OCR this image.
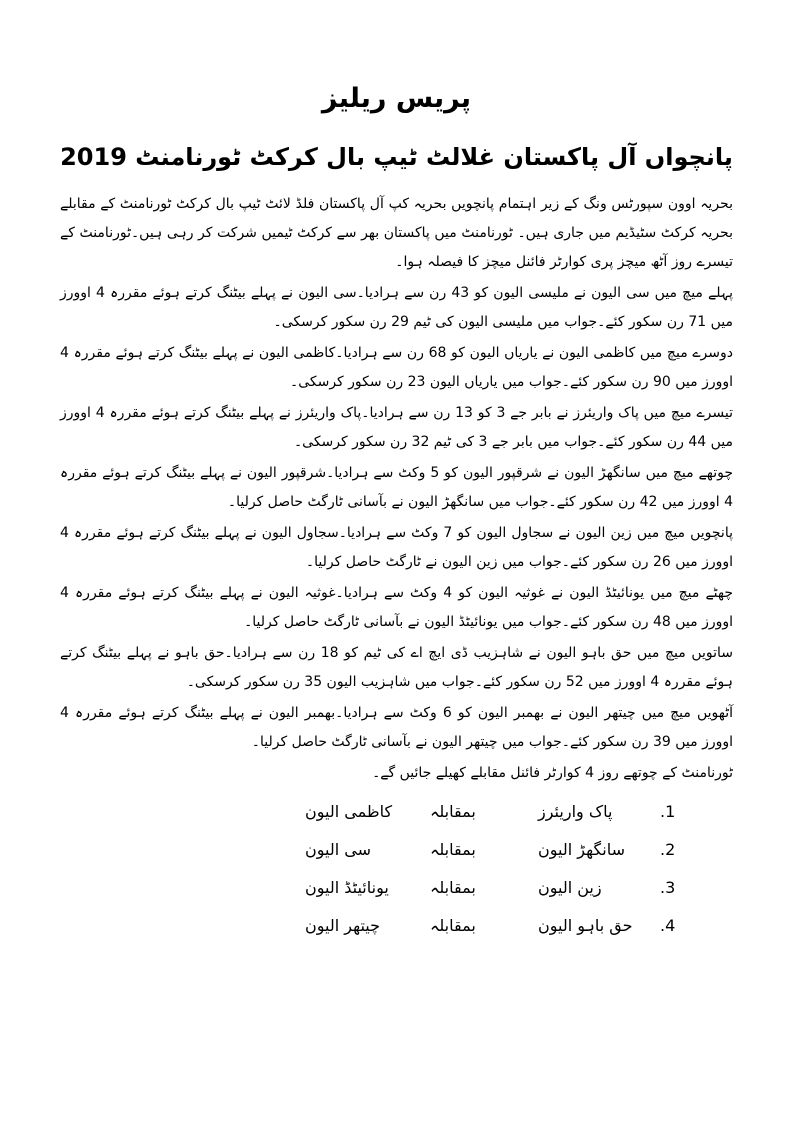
پریس ریلیز
پانچواں آل پاکستان غلالٹ ٹیپ بال کرکٹ ٹورنامنٹ 2019

بحریہ اوون سپورٹس ونگ کے زیر اہتمام پانچویں بحریہ کپ آل پاکستان فلڈ لائٹ ٹیپ بال کرکٹ ٹورنامنٹ کے مقابلے بحریہ کرکٹ سٹیڈیم میں جاری ہیں۔ ٹورنامنٹ میں پاکستان بھر سے کرکٹ ٹیمیں شرکت کر رہی ہیں۔ٹورنامنٹ کے تیسرے روز آٹھ میچز پری کوارٹر فائنل میچز کا فیصلہ ہوا۔

پہلے میچ میں سی الیون نے ملیسی الیون کو 43 رن سے ہرادیا۔سی الیون نے پہلے بیٹنگ کرتے ہوئے مقررہ 4 اوورز میں 71 رن سکور کئے۔جواب میں ملیسی الیون کی ٹیم 29 رن سکور کرسکی۔

دوسرے میچ میں کاظمی الیون نے یاریاں الیون کو 68 رن سے ہرادیا۔کاظمی الیون نے پہلے بیٹنگ کرتے ہوئے مقررہ 4 اوورز میں 90 رن سکور کئے۔جواب میں یاریاں الیون 23 رن سکور کرسکی۔

تیسرے میچ میں پاک واریئرز نے بابر جے 3 کو 13 رن سے ہرادیا۔پاک واریئرز نے پہلے بیٹنگ کرتے ہوئے مقررہ 4 اوورز میں 44 رن سکور کئے۔جواب میں بابر جے 3 کی ٹیم 32 رن سکور کرسکی۔

چوتھے میچ میں سانگھڑ الیون نے شرقپور الیون کو 5 وکٹ سے ہرادیا۔شرقپور الیون نے پہلے بیٹنگ کرتے ہوئے مقررہ 4 اوورز میں 42 رن سکور کئے۔جواب میں سانگھڑ الیون نے بآسانی ٹارگٹ حاصل کرلیا۔

پانچویں میچ میں زین الیون نے سجاول الیون کو 7 وکٹ سے ہرادیا۔سجاول الیون نے پہلے بیٹنگ کرتے ہوئے مقررہ 4 اوورز میں 26 رن سکور کئے۔جواب میں زین الیون نے ٹارگٹ حاصل کرلیا۔

چھٹے میچ میں یونائیٹڈ الیون نے غوثیہ الیون کو 4 وکٹ سے ہرادیا۔غوثیہ الیون نے پہلے بیٹنگ کرتے ہوئے مقررہ 4 اوورز میں 48 رن سکور کئے۔جواب میں یونائیٹڈ الیون نے بآسانی ٹارگٹ حاصل کرلیا۔

ساتویں میچ میں حق باہو الیون نے شاہزیب ڈی ایچ اے کی ٹیم کو 18 رن سے ہرادیا۔حق باہو نے پہلے بیٹنگ کرتے ہوئے مقررہ 4 اوورز میں 52 رن سکور کئے۔جواب میں شاہزیب الیون 35 رن سکور کرسکی۔

آٹھویں میچ میں چیتھر الیون نے بھمبر الیون کو 6 وکٹ سے ہرادیا۔بھمبر الیون نے پہلے بیٹنگ کرتے ہوئے مقررہ 4 اوورز میں 39 رن سکور کئے۔جواب میں چیتھر الیون نے بآسانی ٹارگٹ حاصل کرلیا۔

ٹورنامنٹ کے چوتھے روز 4 کوارٹر فائنل مقابلے کھیلے جائیں گے۔

1.
پاک واریئرز
بمقابلہ
کاظمی الیون
2.
سانگھڑ الیون
بمقابلہ
سی الیون
3.
زین الیون
بمقابلہ
یونائیٹڈ الیون
4.
حق باہو الیون
بمقابلہ
چیتھر الیون
